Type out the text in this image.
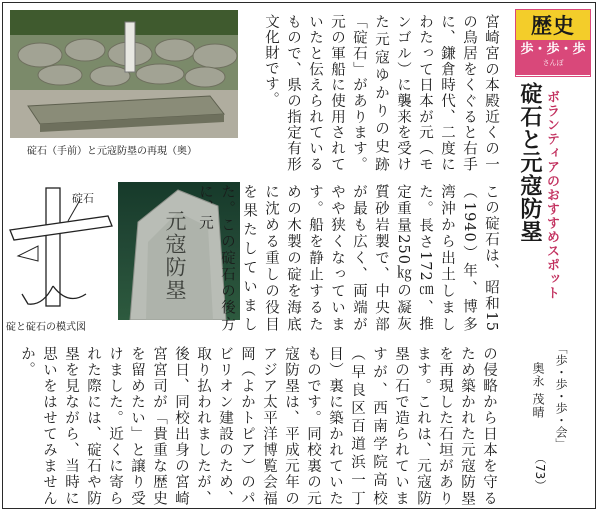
碇石（手前）と元寇防塁の再現（奥）
碇石
碇と碇石の模式図
元寇防塁
歴史
歩・歩・歩
さんぽ
ボランティアのおすすめスポット
碇石と元寇防塁
「歩・歩・歩・会」
奥永 茂晴
（73）
宮崎宮の本殿近くの一の鳥居をくぐると右手に、鎌倉時代、二度にわたって日本が元（モンゴル）に襲来を受けた元寇ゆかりの史跡「碇石」があります。元の軍船に使用されていたと伝えられているもので、県の指定有形文化財です。
この碇石は、昭和15（1940）年、博多湾沖から出土しました。長さ172㎝、推定重量250㎏の凝灰質砂岩製で、中央部が最も広く、両端がやや狭くなっています。船を静止するための木製の碇を海底に沈める重しの役目を果たしていました。この碇石の後方に、元
の侵略から日本を守るため築かれた元寇防塁を再現した石垣があります。これは、元寇防塁の石で造られていますが、西南学院高校（早良区百道浜一丁目）裏に築かれていたものです。同校裏の元寇防塁は、平成元年のアジア太平洋博覧会福岡（よかトピア）のパビリオン建設のため、取り払われましたが、後日、同校出身の宮崎宮宮司が「貴重な歴史を留めたい」と譲り受けました。近くに寄られた際には、碇石や防塁を見ながら、当時に思いをはせてみませんか。
